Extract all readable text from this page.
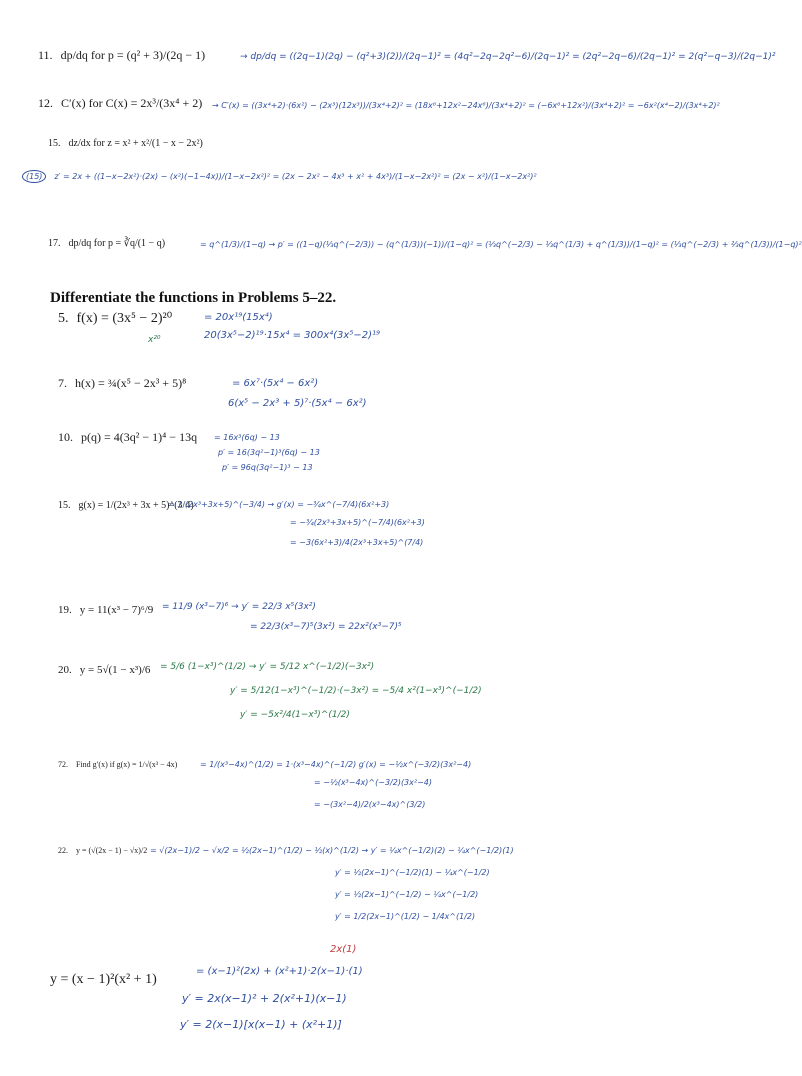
11. dp/dq for p = (q² + 3)/(2q − 1)	→ dp/dq = ((2q−1)(2q) − (q²+3)(2))/(2q−1)² = (4q²−2q−2q²−6)/(2q−1)² = (2q²−2q−6)/(2q−1)² = 2(q²−q−3)/(2q−1)²
12. C′(x) for C(x) = 2x³/(3x⁴ + 2) → C′(x) = ((3x⁴+2)·(6x²) − (2x³)(12x³))/(3x⁴+2)² = (18x⁶+12x²−24x⁶)/(3x⁴+2)² = (−6x⁶+12x²)/(3x⁴+2)² = −6x²(x⁴−2)/(3x⁴+2)²
15. dz/dx for z = x² + x²/(1 − x − 2x²)
(15) z′ = 2x + ((1−x−2x²)·(2x) − (x²)(−1−4x))/(1−x−2x²)² = (2x − 2x² − 4x³ + x² + 4x³)/(1−x−2x²)² = (2x − x²)/(1−x−2x²)²
17. dp/dq for p = ∛q/(1 − q)	= q^(1/3)/(1−q) → p′ = ((1−q)(⅓q^(−2/3)) − (q^(1/3))(−1))/(1−q)² = (⅓q^(−2/3) − ⅓q^(1/3) + q^(1/3))/(1−q)² = (⅓q^(−2/3) + ⅔q^(1/3))/(1−q)²
Differentiate the functions in Problems 5–22.
5. f(x) = (3x⁵ − 2)²⁰	= 20x¹⁹(15x⁴)
20(3x⁵−2)¹⁹·15x⁴ = 300x⁴(3x⁵−2)¹⁹
x²⁰
7. h(x) = ¾(x⁵ − 2x³ + 5)⁸	= 6x⁷·(5x⁴ − 6x²)
6(x⁵ − 2x³ + 5)⁷·(5x⁴ − 6x²)
10. p(q) = 4(3q² − 1)⁴ − 13q = 16x³(6q) − 13
p′ = 16(3q²−1)³(6q) − 13
p′ = 96q(3q²−1)³ − 13
15. g(x) = 1/(2x³ + 3x + 5)^(3/4)
= 1·(2x³+3x+5)^(−3/4) → g′(x) = −¾x^(−7/4)(6x²+3)
= −¾(2x³+3x+5)^(−7/4)(6x²+3)
= −3(6x²+3)/4(2x³+3x+5)^(7/4)
19. y = 11(x³ − 7)⁶/9 = 11/9 (x³−7)⁶ → y′ = 22/3 x⁵(3x²)
= 22/3(x³−7)⁵(3x²) = 22x²(x³−7)⁵
20. y = 5√(1 − x³)/6 = 5/6 (1−x³)^(1/2) → y′ = 5/12 x^(−1/2)(−3x²)
y′ = 5/12(1−x³)^(−1/2)·(−3x²) = −5/4 x²(1−x³)^(−1/2)
y′ = −5x²/4(1−x³)^(1/2)
72. Find g′(x) if g(x) = 1/√(x³ − 4x)	= 1/(x³−4x)^(1/2) = 1·(x³−4x)^(−1/2) g′(x) = −½x^(−3/2)(3x²−4)
= −½(x³−4x)^(−3/2)(3x²−4)
= −(3x²−4)/2(x³−4x)^(3/2)
22. y = (√(2x − 1) − √x)/2 = √(2x−1)/2 − √x/2 = ½(2x−1)^(1/2) − ½(x)^(1/2) → y′ = ¼x^(−1/2)(2) − ¼x^(−1/2)(1)
y′ = ½(2x−1)^(−1/2)(1) − ¼x^(−1/2)
y′ = ½(2x−1)^(−1/2) − ¼x^(−1/2)
y′ = 1/2(2x−1)^(1/2) − 1/4x^(1/2)
y = (x − 1)²(x² + 1)
2x(1)
= (x−1)²(2x) + (x²+1)·2(x−1)·(1)
y′ = 2x(x−1)² + 2(x²+1)(x−1)
y′ = 2(x−1)[x(x−1) + (x²+1)]
